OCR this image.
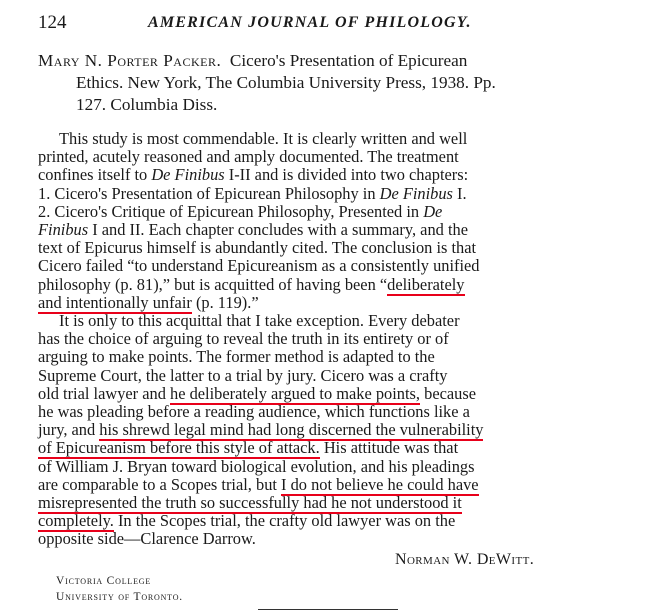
124	AMERICAN JOURNAL OF PHILOLOGY.
Mary N. Porter Packer. Cicero's Presentation of Epicurean
Ethics. New York, The Columbia University Press, 1938. Pp.
127. Columbia Diss.
This study is most commendable. It is clearly written and well
printed, acutely reasoned and amply documented. The treatment
confines itself to De Finibus I-II and is divided into two chapters:
1. Cicero's Presentation of Epicurean Philosophy in De Finibus I.
2. Cicero's Critique of Epicurean Philosophy, Presented in De
Finibus I and II. Each chapter concludes with a summary, and the
text of Epicurus himself is abundantly cited. The conclusion is that
Cicero failed “to understand Epicureanism as a consistently unified
philosophy (p. 81),” but is acquitted of having been “deliberately
and intentionally unfair (p. 119).”
It is only to this acquittal that I take exception. Every debater
has the choice of arguing to reveal the truth in its entirety or of
arguing to make points. The former method is adapted to the
Supreme Court, the latter to a trial by jury. Cicero was a crafty
old trial lawyer and he deliberately argued to make points, because
he was pleading before a reading audience, which functions like a
jury, and his shrewd legal mind had long discerned the vulnerability
of Epicureanism before this style of attack. His attitude was that
of William J. Bryan toward biological evolution, and his pleadings
are comparable to a Scopes trial, but I do not believe he could have
misrepresented the truth so successfully had he not understood it
completely. In the Scopes trial, the crafty old lawyer was on the
opposite side—Clarence Darrow.
Norman W. DeWitt.
Victoria College
University of Toronto.
